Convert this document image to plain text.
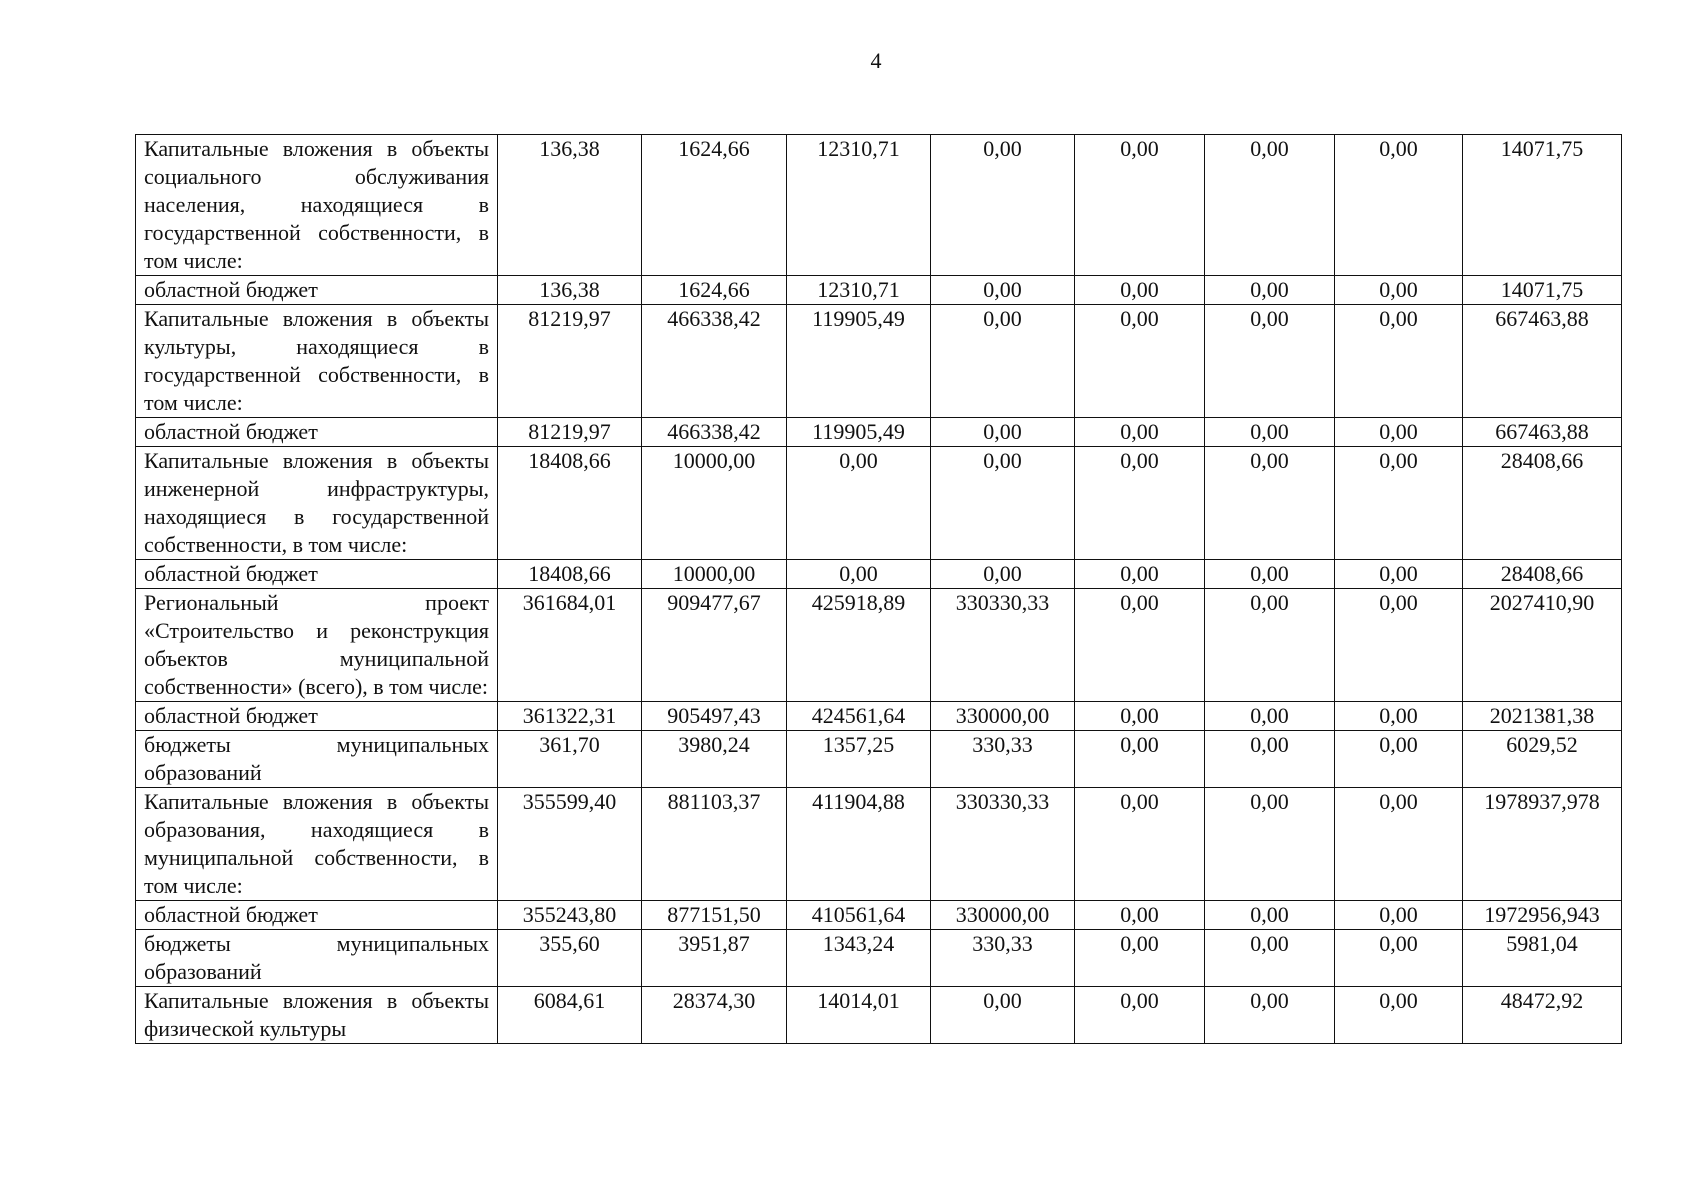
4
Капитальные вложения в объекты социального обслуживания населения, находящиеся в государственной собственности, в том числе:	136,38	1624,66	12310,71	0,00	0,00	0,00	0,00	14071,75
областной бюджет	136,38	1624,66	12310,71	0,00	0,00	0,00	0,00	14071,75
Капитальные вложения в объекты культуры, находящиеся в государственной собственности, в том числе:	81219,97	466338,42	119905,49	0,00	0,00	0,00	0,00	667463,88
областной бюджет	81219,97	466338,42	119905,49	0,00	0,00	0,00	0,00	667463,88
Капитальные вложения в объекты инженерной инфраструктуры, находящиеся в государственной собственности, в том числе:	18408,66	10000,00	0,00	0,00	0,00	0,00	0,00	28408,66
областной бюджет	18408,66	10000,00	0,00	0,00	0,00	0,00	0,00	28408,66
Региональный проект «Строительство и реконструкция объектов муниципальной собственности» (всего), в том числе:	361684,01	909477,67	425918,89	330330,33	0,00	0,00	0,00	2027410,90
областной бюджет	361322,31	905497,43	424561,64	330000,00	0,00	0,00	0,00	2021381,38
бюджеты муниципальных образований	361,70	3980,24	1357,25	330,33	0,00	0,00	0,00	6029,52
Капитальные вложения в объекты образования, находящиеся в муниципальной собственности, в том числе:	355599,40	881103,37	411904,88	330330,33	0,00	0,00	0,00	1978937,978
областной бюджет	355243,80	877151,50	410561,64	330000,00	0,00	0,00	0,00	1972956,943
бюджеты муниципальных образований	355,60	3951,87	1343,24	330,33	0,00	0,00	0,00	5981,04
Капитальные вложения в объекты физической культуры	6084,61	28374,30	14014,01	0,00	0,00	0,00	0,00	48472,92
